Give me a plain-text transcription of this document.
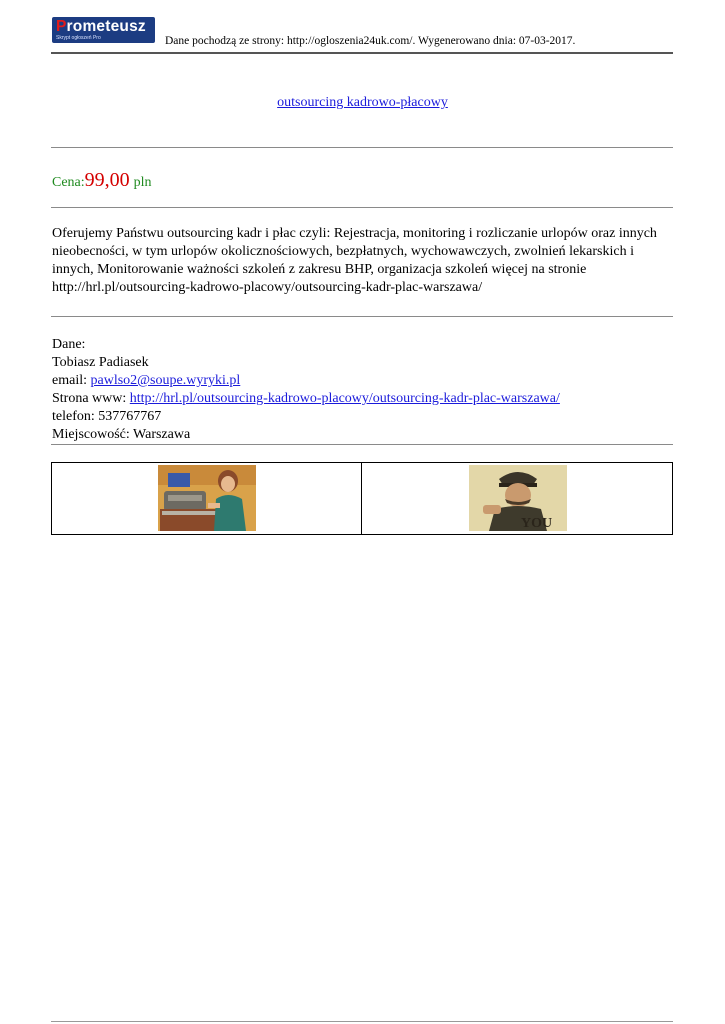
Prometeusz
Skrypt ogłoszeń Pro	Dane pochodzą ze strony: http://ogloszenia24uk.com/. Wygenerowano dnia: 07-03-2017.
outsourcing kadrowo-płacowy
Cena:99,00 pln

Oferujemy Państwu outsourcing kadr i płac czyli: Rejestracja, monitoring i rozliczanie urlopów oraz innych nieobecności, w tym urlopów okolicznościowych, bezpłatnych, wychowawczych, zwolnień lekarskich i innych, Monitorowanie ważności szkoleń z zakresu BHP, organizacja szkoleń więcej na stronie http://hrl.pl/outsourcing-kadrowo-placowy/outsourcing-kadr-plac-warszawa/

Dane:
Tobiasz Padiasek
email: pawlso2@soupe.wyryki.pl
Strona www: http://hrl.pl/outsourcing-kadrowo-placowy/outsourcing-kadr-plac-warszawa/
telefon: 537767767
Miejscowość: Warszawa
YOU
